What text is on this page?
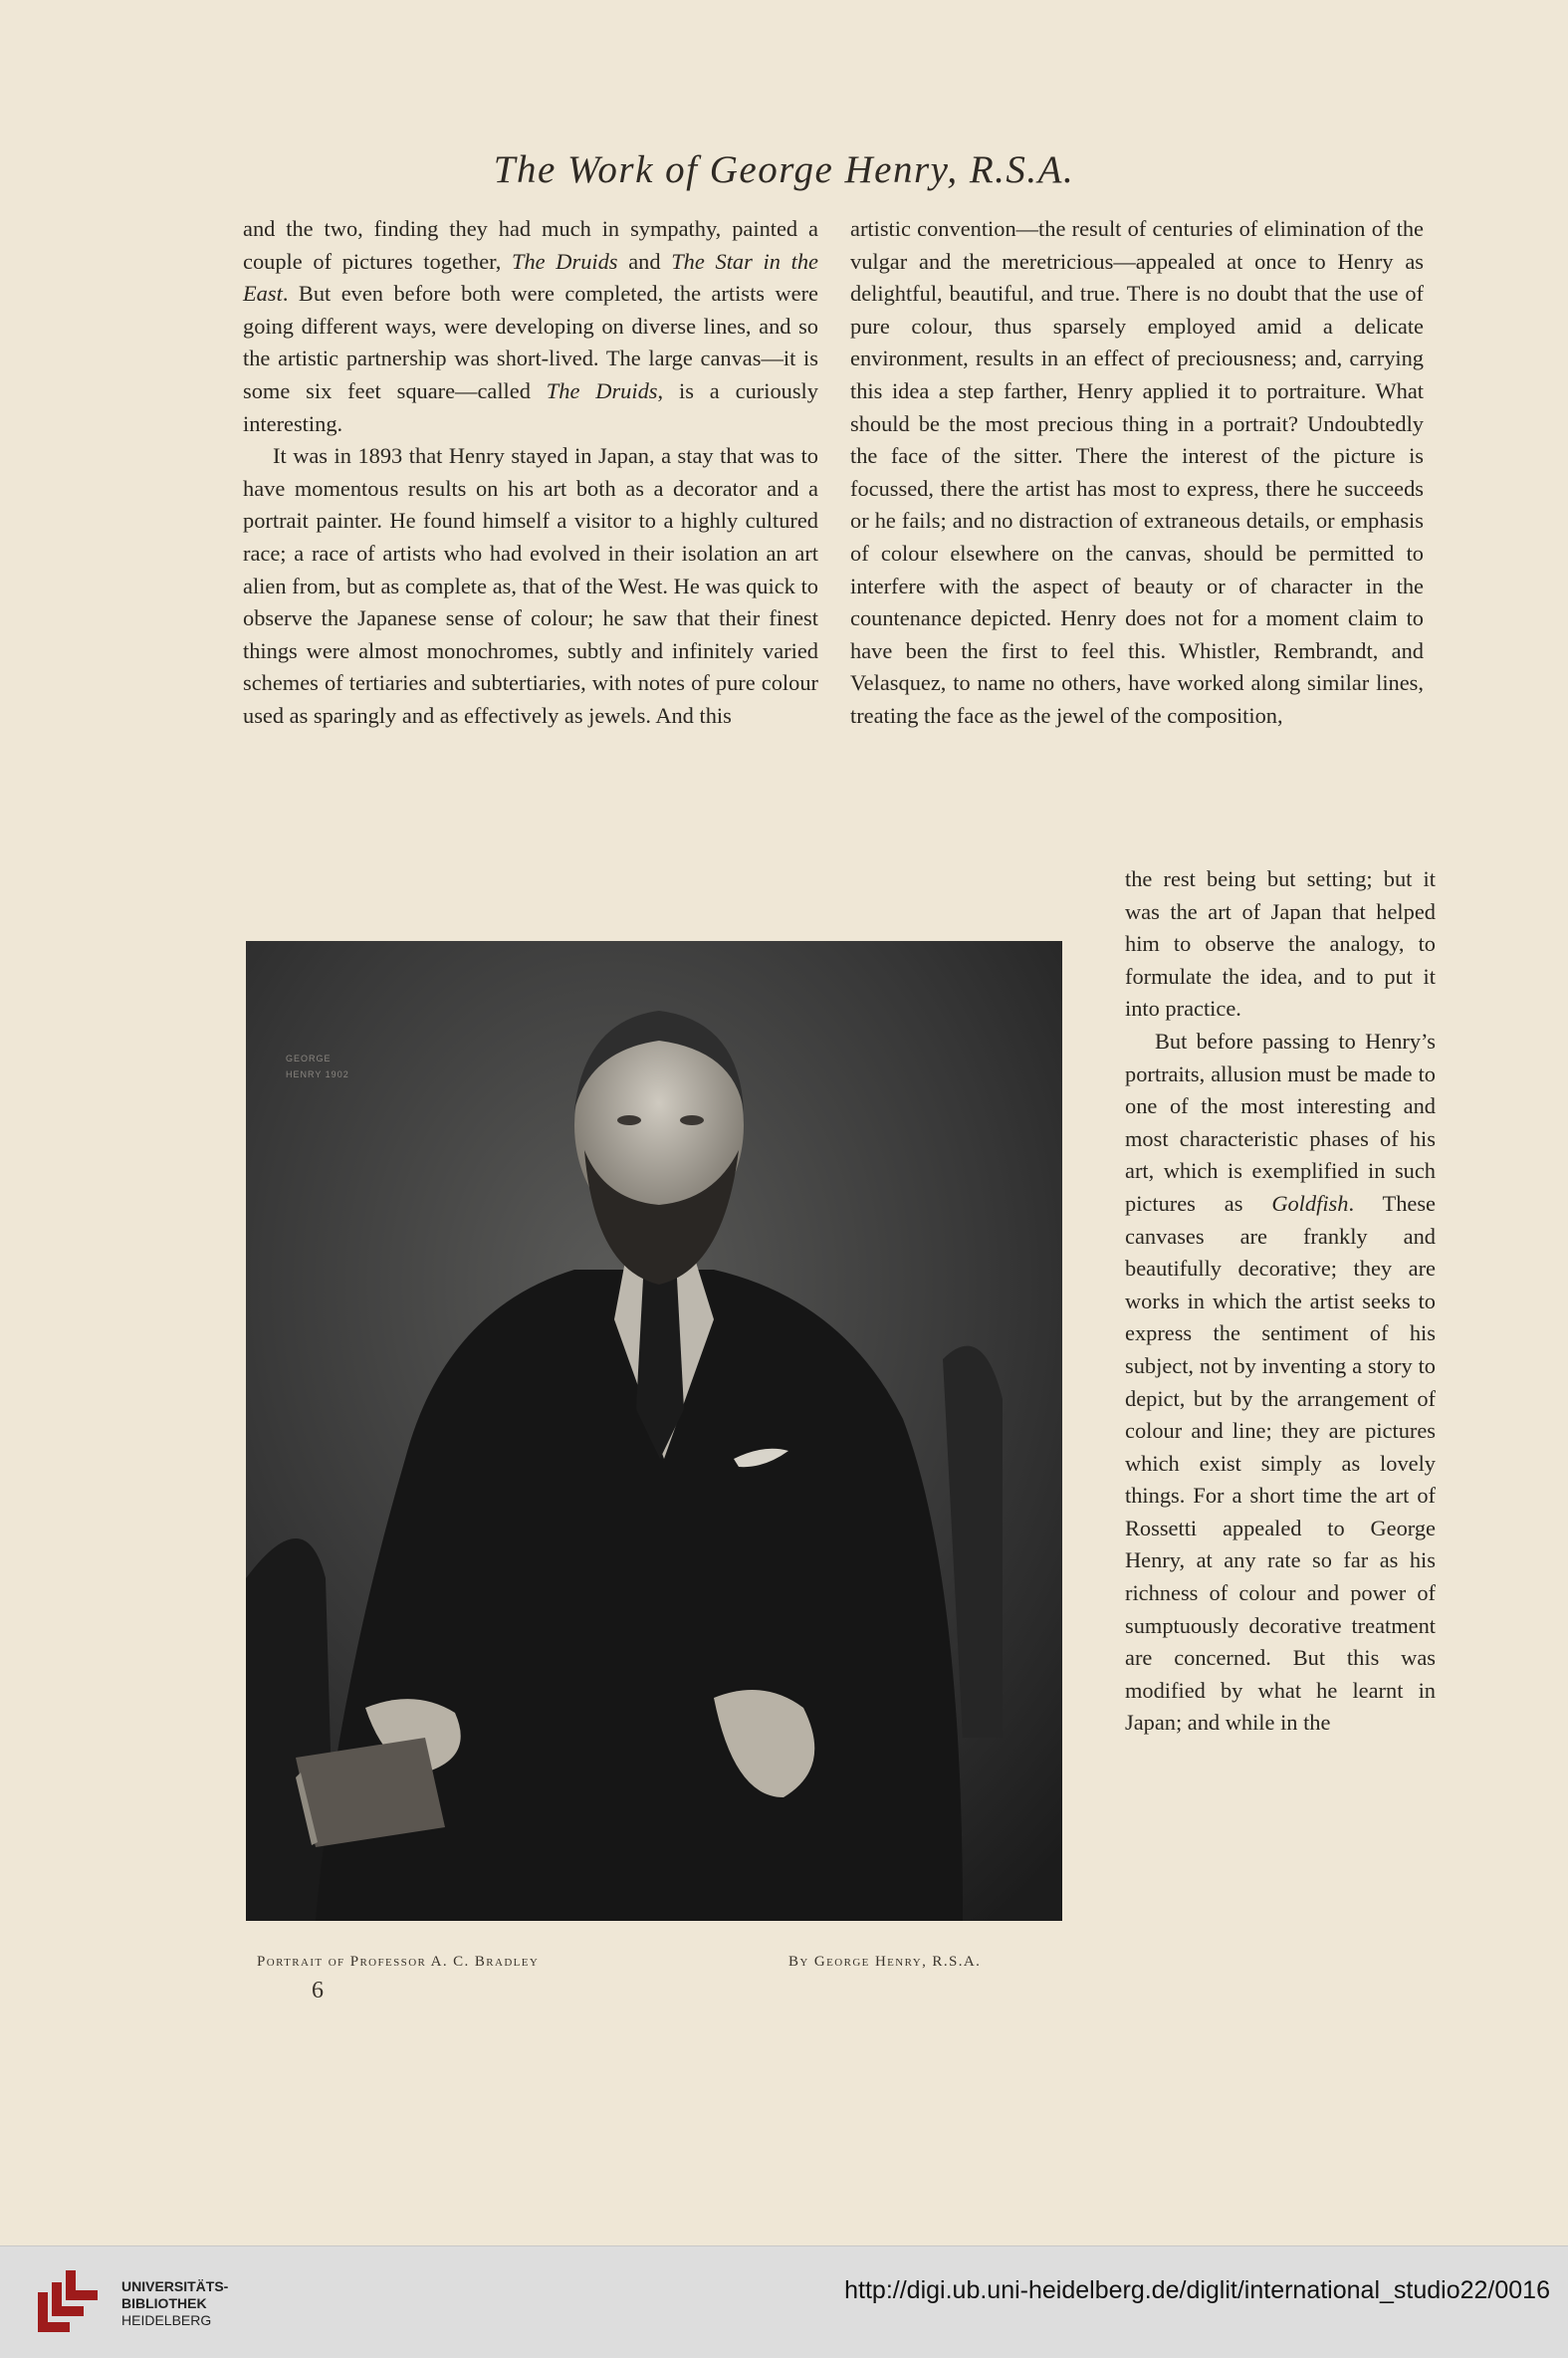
The Work of George Henry, R.S.A.

and the two, finding they had much in sympathy, painted a couple of pictures together, The Druids and The Star in the East. But even before both were completed, the artists were going different ways, were developing on diverse lines, and so the artistic partnership was short-lived. The large canvas—it is some six feet square—called The Druids, is a curiously interesting.

It was in 1893 that Henry stayed in Japan, a stay that was to have momentous results on his art both as a decorator and a portrait painter. He found himself a visitor to a highly cultured race; a race of artists who had evolved in their isolation an art alien from, but as complete as, that of the West. He was quick to observe the Japanese sense of colour; he saw that their finest things were almost monochromes, subtly and infinitely varied schemes of tertiaries and subtertiaries, with notes of pure colour used as sparingly and as effectively as jewels. And this

artistic convention—the result of centuries of elimination of the vulgar and the meretricious—appealed at once to Henry as delightful, beautiful, and true. There is no doubt that the use of pure colour, thus sparsely employed amid a delicate environment, results in an effect of preciousness; and, carrying this idea a step farther, Henry applied it to portraiture. What should be the most precious thing in a portrait? Undoubtedly the face of the sitter. There the interest of the picture is focussed, there the artist has most to express, there he succeeds or he fails; and no distraction of extraneous details, or emphasis of colour elsewhere on the canvas, should be permitted to interfere with the aspect of beauty or of character in the countenance depicted. Henry does not for a moment claim to have been the first to feel this. Whistler, Rembrandt, and Velasquez, to name no others, have worked along similar lines, treating the face as the jewel of the composition,

the rest being but setting; but it was the art of Japan that helped him to observe the analogy, to formulate the idea, and to put it into practice.

But before passing to Henry’s portraits, allusion must be made to one of the most interesting and most characteristic phases of his art, which is exemplified in such pictures as Goldfish. These canvases are frankly and beautifully decorative; they are works in which the artist seeks to express the sentiment of his subject, not by inventing a story to depict, but by the arrangement of colour and line; they are pictures which exist simply as lovely things. For a short time the art of Rossetti appealed to George Henry, at any rate so far as his richness of colour and power of sumptuously decorative treatment are concerned. But this was modified by what he learnt in Japan; and while in the

GEORGE HENRY 1902
Portrait of Professor A. C. Bradley	By George Henry, R.S.A.
6
UNIVERSITÄTS-
BIBLIOTHEK
HEIDELBERG
http://digi.ub.uni-heidelberg.de/diglit/international_studio22/0016
